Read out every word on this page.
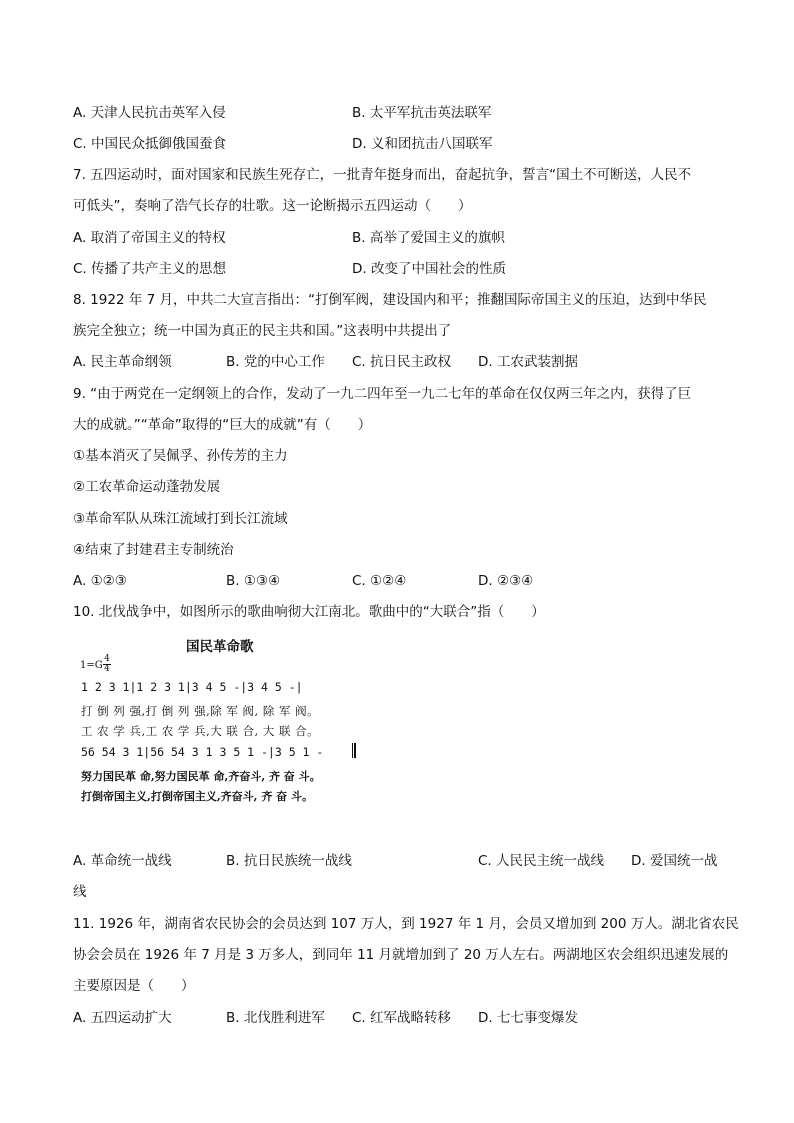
A. 天津人民抗击英军入侵	B. 太平军抗击英法联军
C. 中国民众抵御俄国蚕食	D. 义和团抗击八国联军
7. 五四运动时，面对国家和民族生死存亡，一批青年挺身而出，奋起抗争，誓言“国土不可断送，人民不
可低头”，奏响了浩气长存的壮歌。这一论断揭示五四运动（　　）
A. 取消了帝国主义的特权	B. 高举了爱国主义的旗帜
C. 传播了共产主义的思想	D. 改变了中国社会的性质
8. 1922 年 7 月，中共二大宣言指出：“打倒军阀，建设国内和平；推翻国际帝国主义的压迫，达到中华民
族完全独立；统一中国为真正的民主共和国。”这表明中共提出了
A. 民主革命纲领	B. 党的中心工作 C. 抗日民主政权 D. 工农武装割据
9. “由于两党在一定纲领上的合作，发动了一九二四年至一九二七年的革命在仅仅两三年之内，获得了巨
大的成就。”“革命”取得的“巨大的成就”有（　　）
①基本消灭了吴佩孚、孙传芳的主力
②工农革命运动蓬勃发展
③革命军队从珠江流域打到长江流域
④结束了封建君主专制统治
A. ①②③	B. ①③④	C. ①②④	D. ②③④
10. 北伐战争中，如图所示的歌曲响彻大江南北。歌曲中的“大联合”指（　　）
国民革命歌
$1=G \frac{4}{4}$
1 2 3 1|1 2 3 1|3 4 5 -|3 4 5 -|
打 倒 列 强,打 倒 列 强,除 军 阀, 除 军 阀。
工 农 学 兵,工 农 学 兵,大 联 合, 大 联 合。
56 54 3 1|56 54 3 1 3 5 1 -|3 5 1 -
努力国民革 命,努力国民革 命,齐奋斗, 齐 奋 斗。
打倒帝国主义,打倒帝国主义,齐奋斗, 齐 奋 斗。
A. 革命统一战线	B. 抗日民族统一战线	C. 人民民主统一战线 D. 爱国统一战
线
11. 1926 年，湖南省农民协会的会员达到 107 万人，到 1927 年 1 月，会员又增加到 200 万人。湖北省农民
协会会员在 1926 年 7 月是 3 万多人，到同年 11 月就增加到了 20 万人左右。两湖地区农会组织迅速发展的
主要原因是（　　）
A. 五四运动扩大	B. 北伐胜利进军 C. 红军战略转移 D. 七七事变爆发
